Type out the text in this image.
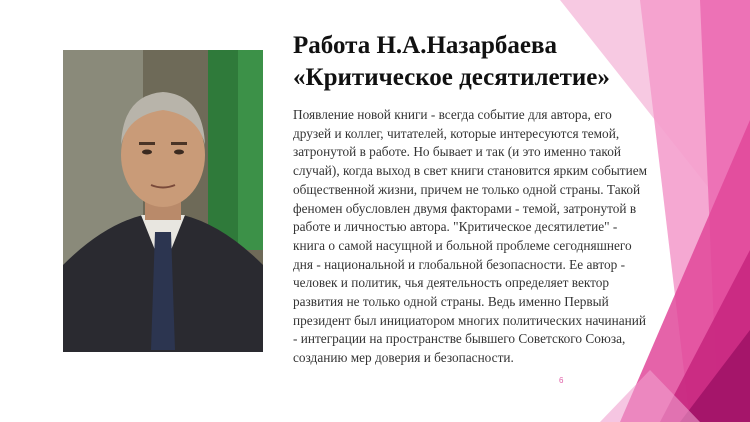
Работа Н.А.Назарбаева
«Критическое десятилетие»
Появление новой книги - всегда событие для автора, его
друзей и коллег, читателей, которые интересуются темой,
затронутой в работе. Но бывает и так (и это именно такой
случай), когда выход в свет книги становится ярким событием
общественной жизни, причем не только одной страны. Такой
феномен обусловлен двумя факторами - темой, затронутой в
работе и личностью автора. "Критическое десятилетие" -
книга о самой насущной и больной проблеме сегодняшнего
дня - национальной и глобальной безопасности. Ее автор -
человек и политик, чья деятельность определяет вектор
развития не только одной страны. Ведь именно Первый
президент был инициатором многих политических начинаний
- интеграции на пространстве бывшего Советского Союза,
созданию мер доверия и безопасности.
6
